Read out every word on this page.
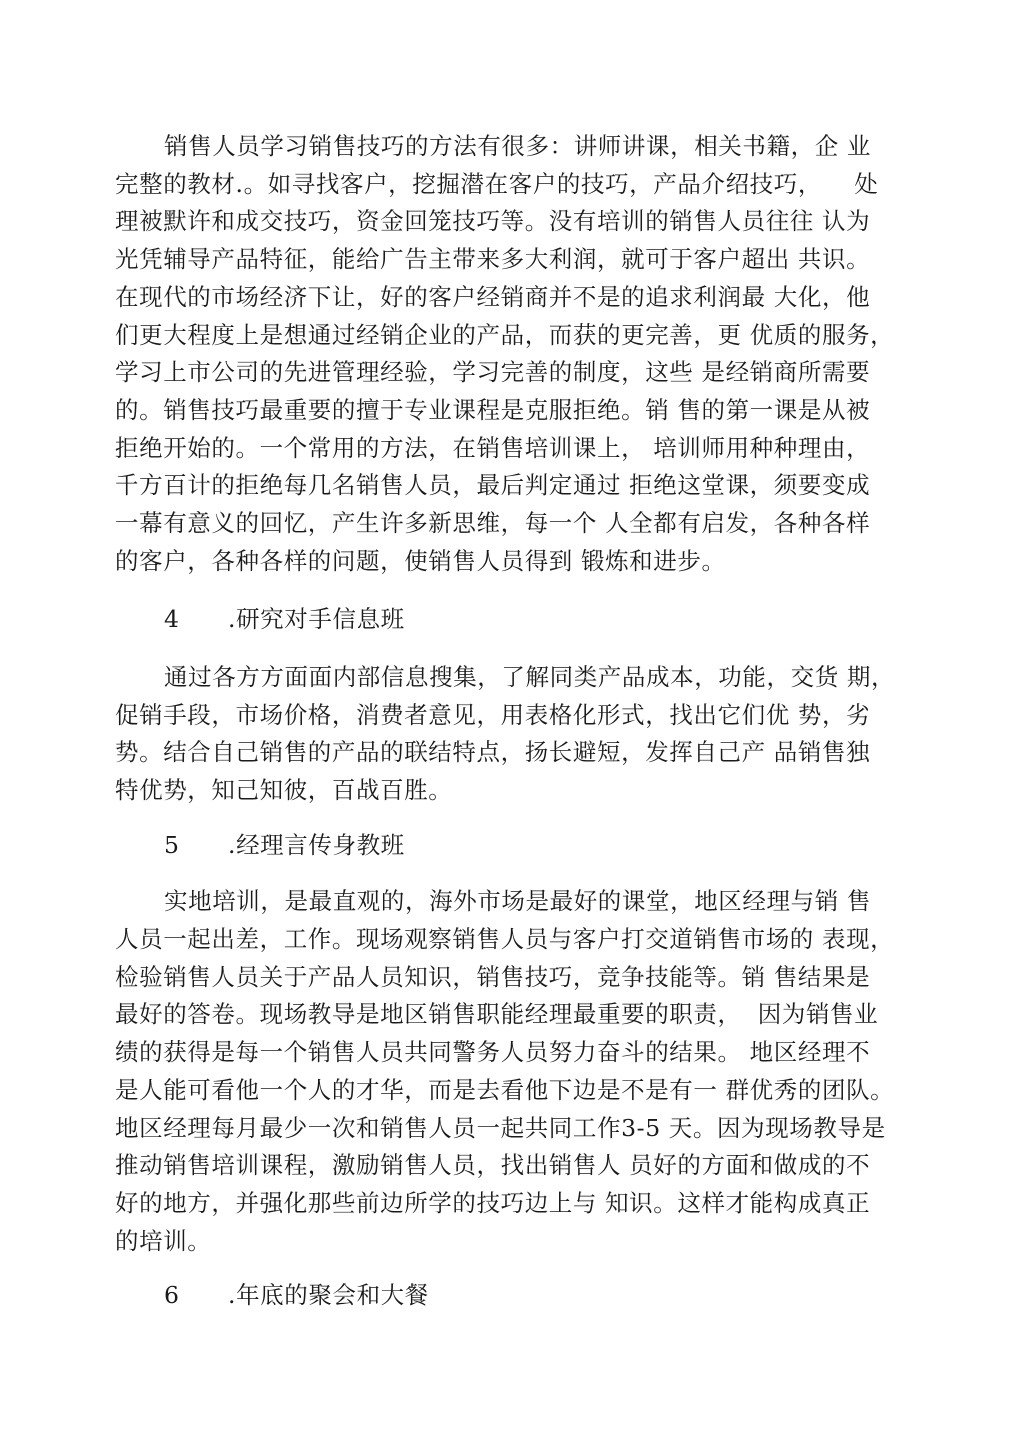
销售人员学习销售技巧的方法有很多：讲师讲课，相关书籍，企 业
完整的教材.。如寻找客户，挖掘潜在客户的技巧，产品介绍技巧，    处
理被默许和成交技巧，资金回笼技巧等。没有培训的销售人员往往 认为
光凭辅导产品特征，能给广告主带来多大利润，就可于客户超出 共识。
在现代的市场经济下让，好的客户经销商并不是的追求利润最 大化，他
们更大程度上是想通过经销企业的产品，而获的更完善，更 优质的服务，
学习上市公司的先进管理经验，学习完善的制度，这些 是经销商所需要
的。销售技巧最重要的擅于专业课程是克服拒绝。销 售的第一课是从被
拒绝开始的。一个常用的方法，在销售培训课上， 培训师用种种理由，
千方百计的拒绝每几名销售人员，最后判定通过 拒绝这堂课，须要变成
一幕有意义的回忆，产生许多新思维，每一个 人全都有启发，各种各样
的客户，各种各样的问题，使销售人员得到 锻炼和进步。
4 .研究对手信息班
通过各方方面面内部信息搜集，了解同类产品成本，功能，交货 期，
促销手段，市场价格，消费者意见，用表格化形式，找出它们优 势，劣
势。结合自己销售的产品的联结特点，扬长避短，发挥自己产 品销售独
特优势，知己知彼，百战百胜。
5 .经理言传身教班
实地培训，是最直观的，海外市场是最好的课堂，地区经理与销 售
人员一起出差，工作。现场观察销售人员与客户打交道销售市场的 表现，
检验销售人员关于产品人员知识，销售技巧，竞争技能等。销 售结果是
最好的答卷。现场教导是地区销售职能经理最重要的职责，  因为销售业
绩的获得是每一个销售人员共同警务人员努力奋斗的结果。 地区经理不
是人能可看他一个人的才华，而是去看他下边是不是有一 群优秀的团队。
地区经理每月最少一次和销售人员一起共同工作3-5 天。因为现场教导是
推动销售培训课程，激励销售人员，找出销售人 员好的方面和做成的不
好的地方，并强化那些前边所学的技巧边上与 知识。这样才能构成真正
的培训。
6 .年底的聚会和大餐
